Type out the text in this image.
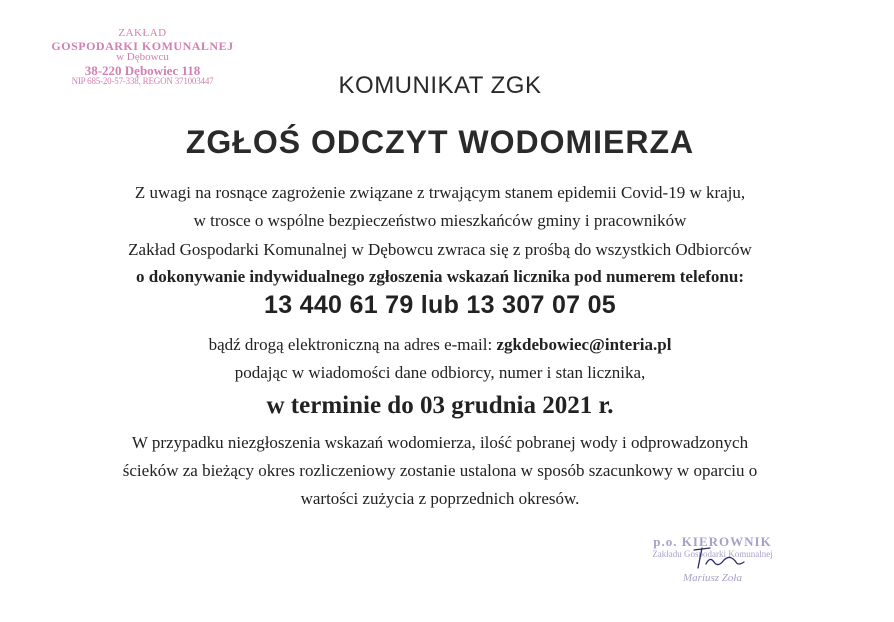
ZAKŁAD
GOSPODARKI KOMUNALNEJ
w Dębowcu
38-220 Dębowiec 118
NIP 685-20-57-338, REGON 371003447	KOMUNIKAT ZGK
ZGŁOŚ ODCZYT WODOMIERZA
Z uwagi na rosnące zagrożenie związane z trwającym stanem epidemii Covid-19 w kraju,
w trosce o wspólne bezpieczeństwo mieszkańców gminy i pracowników
Zakład Gospodarki Komunalnej w Dębowcu zwraca się z prośbą do wszystkich Odbiorców
o dokonywanie indywidualnego zgłoszenia wskazań licznika pod numerem telefonu:
13 440 61 79 lub 13 307 07 05
bądź drogą elektroniczną na adres e-mail: zgkdebowiec@interia.pl
podając w wiadomości dane odbiorcy, numer i stan licznika,
w terminie do 03 grudnia 2021 r.
W przypadku niezgłoszenia wskazań wodomierza, ilość pobranej wody i odprowadzonych
ścieków za bieżący okres rozliczeniowy zostanie ustalona w sposób szacunkowy w oparciu o
wartości zużycia z poprzednich okresów.
p.o. KIEROWNIK
Zakładu Gospodarki Komunalnej
Mariusz Zoła
